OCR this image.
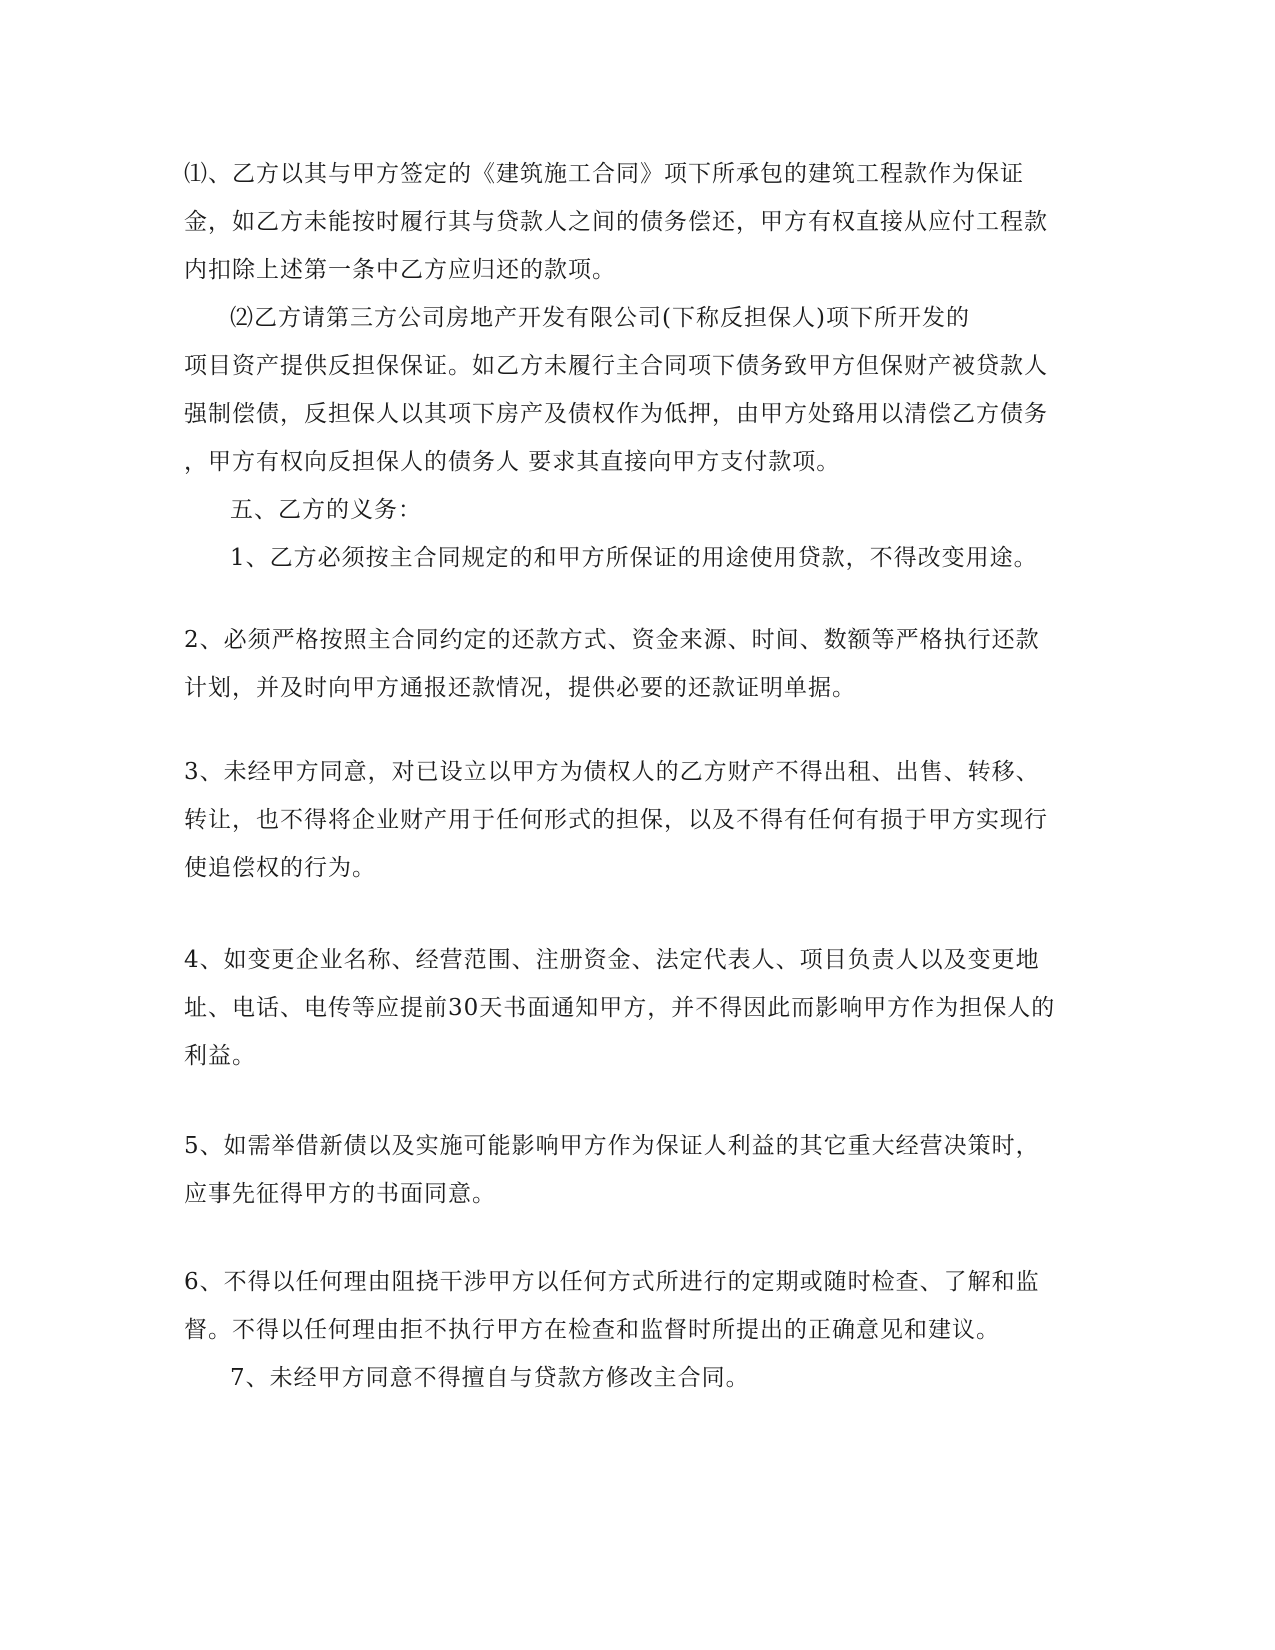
⑴、乙方以其与甲方签定的《建筑施工合同》项下所承包的建筑工程款作为保证
金，如乙方未能按时履行其与贷款人之间的债务偿还，甲方有权直接从应付工程款
内扣除上述第一条中乙方应归还的款项。
⑵乙方请第三方公司房地产开发有限公司(下称反担保人)项下所开发的
项目资产提供反担保保证。如乙方未履行主合同项下债务致甲方但保财产被贷款人
强制偿债，反担保人以其项下房产及债权作为低押，由甲方处臵用以清偿乙方债务
，甲方有权向反担保人的债务人 要求其直接向甲方支付款项。
五、乙方的义务：
1、乙方必须按主合同规定的和甲方所保证的用途使用贷款，不得改变用途。
2、必须严格按照主合同约定的还款方式、资金来源、时间、数额等严格执行还款
计划，并及时向甲方通报还款情况，提供必要的还款证明单据。
3、未经甲方同意，对已设立以甲方为债权人的乙方财产不得出租、出售、转移、
转让，也不得将企业财产用于任何形式的担保，以及不得有任何有损于甲方实现行
使追偿权的行为。
4、如变更企业名称、经营范围、注册资金、法定代表人、项目负责人以及变更地
址、电话、电传等应提前30天书面通知甲方，并不得因此而影响甲方作为担保人的
利益。
5、如需举借新债以及实施可能影响甲方作为保证人利益的其它重大经营决策时，
应事先征得甲方的书面同意。
6、不得以任何理由阻挠干涉甲方以任何方式所进行的定期或随时检查、了解和监
督。不得以任何理由拒不执行甲方在检查和监督时所提出的正确意见和建议。
7、未经甲方同意不得擅自与贷款方修改主合同。
